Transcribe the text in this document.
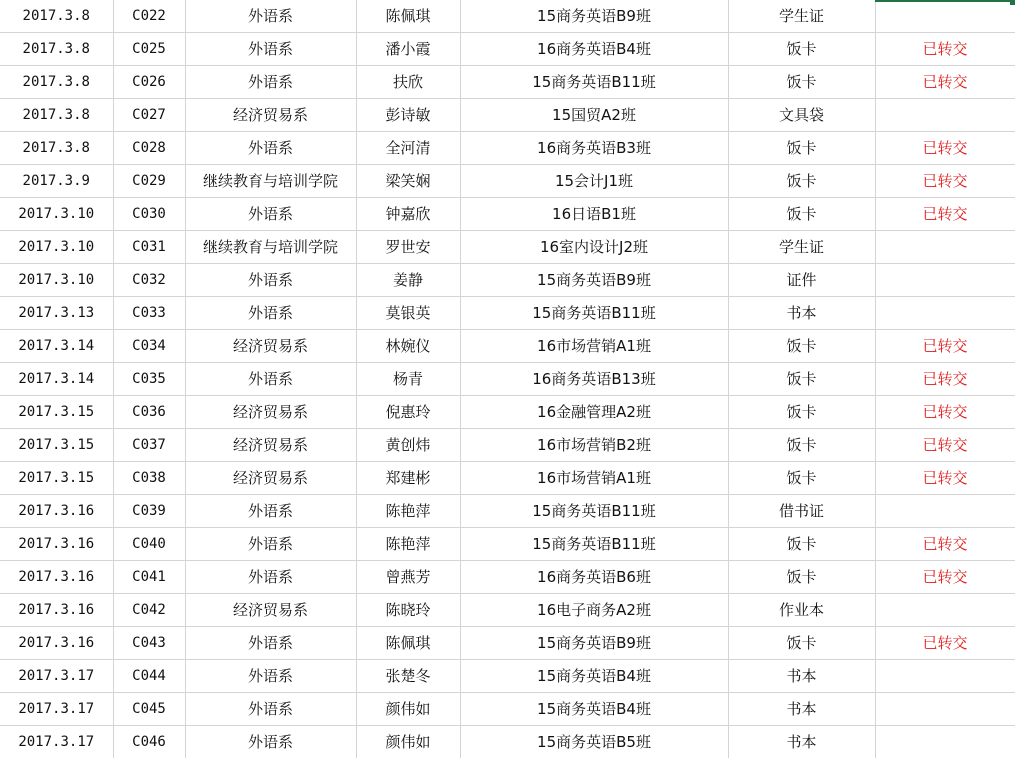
2017.3.8	C022	外语系	陈佩琪	15商务英语B9班	学生证	
2017.3.8	C025	外语系	潘小霞	16商务英语B4班	饭卡	已转交
2017.3.8	C026	外语系	扶欣	15商务英语B11班	饭卡	已转交
2017.3.8	C027	经济贸易系	彭诗敏	15国贸A2班	文具袋	
2017.3.8	C028	外语系	全河清	16商务英语B3班	饭卡	已转交
2017.3.9	C029	继续教育与培训学院	梁笑娴	15会计J1班	饭卡	已转交
2017.3.10	C030	外语系	钟嘉欣	16日语B1班	饭卡	已转交
2017.3.10	C031	继续教育与培训学院	罗世安	16室内设计J2班	学生证	
2017.3.10	C032	外语系	姜静	15商务英语B9班	证件	
2017.3.13	C033	外语系	莫银英	15商务英语B11班	书本	
2017.3.14	C034	经济贸易系	林婉仪	16市场营销A1班	饭卡	已转交
2017.3.14	C035	外语系	杨青	16商务英语B13班	饭卡	已转交
2017.3.15	C036	经济贸易系	倪惠玲	16金融管理A2班	饭卡	已转交
2017.3.15	C037	经济贸易系	黄创炜	16市场营销B2班	饭卡	已转交
2017.3.15	C038	经济贸易系	郑建彬	16市场营销A1班	饭卡	已转交
2017.3.16	C039	外语系	陈艳萍	15商务英语B11班	借书证	
2017.3.16	C040	外语系	陈艳萍	15商务英语B11班	饭卡	已转交
2017.3.16	C041	外语系	曾燕芳	16商务英语B6班	饭卡	已转交
2017.3.16	C042	经济贸易系	陈晓玲	16电子商务A2班	作业本	
2017.3.16	C043	外语系	陈佩琪	15商务英语B9班	饭卡	已转交
2017.3.17	C044	外语系	张楚冬	15商务英语B4班	书本	
2017.3.17	C045	外语系	颜伟如	15商务英语B4班	书本	
2017.3.17	C046	外语系	颜伟如	15商务英语B5班	书本	
